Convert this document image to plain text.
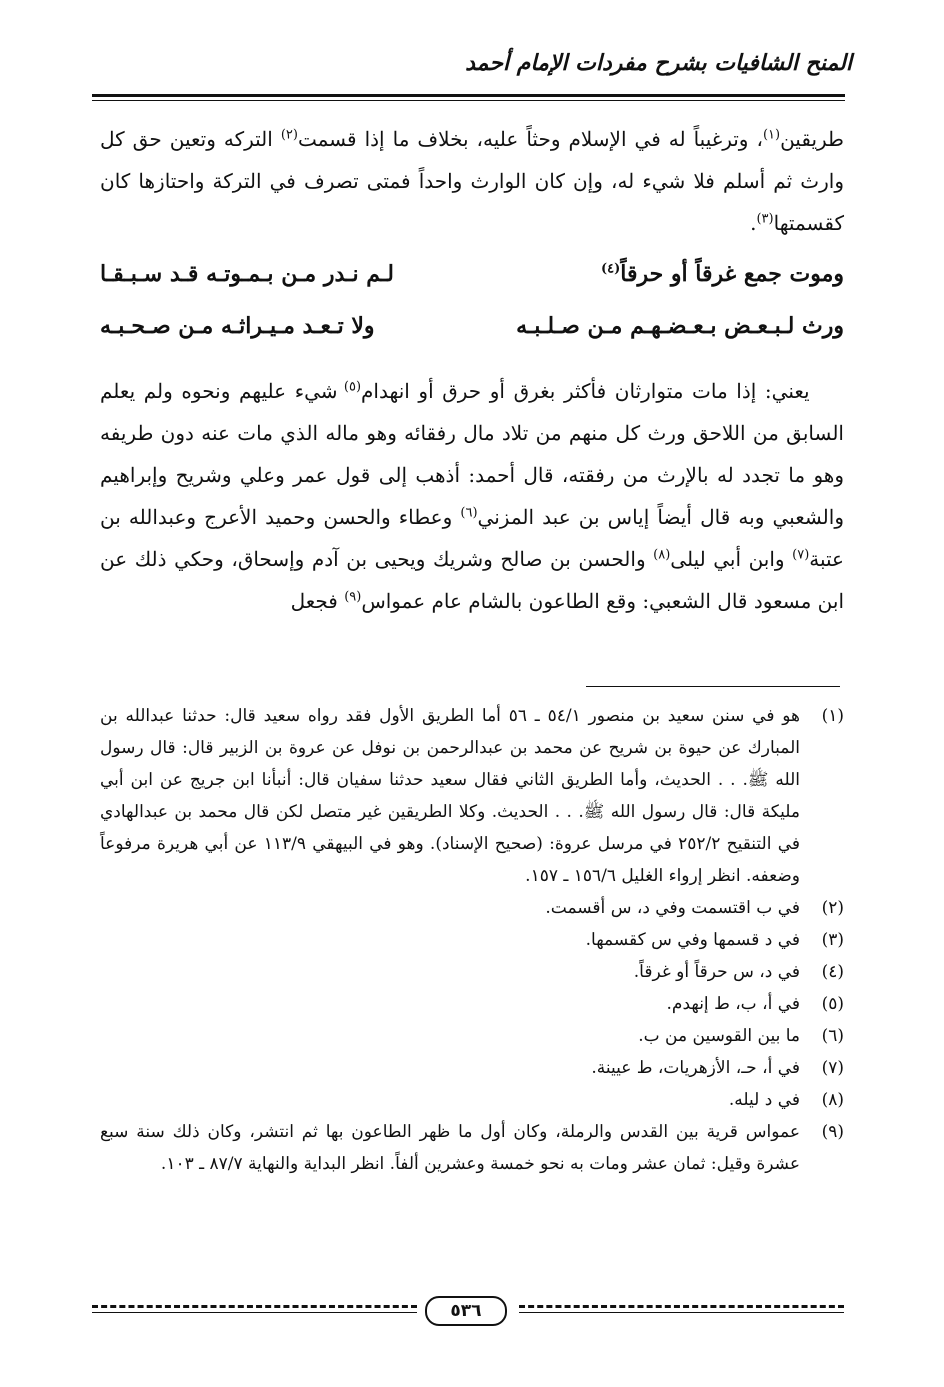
المنح الشافيات بشرح مفردات الإمام أحمد

طريقين$^{(١)}$، وترغيباً له في الإسلام وحثاً عليه، بخلاف ما إذا قسمت$^{(٢)}$ التركه وتعين حق كل وارث ثم أسلم فلا شيء له، وإن كان الوارث واحداً فمتى تصرف في التركة واحتازها كان كقسمتها$^{(٣)}$.

وموت جمع غرقاً أو حرقاً$^{(٤)}$
لـم نـدر مـن بـمـوتـه قـد سـبـقـا
ورث لـبـعـض بـعـضـهـم مـن صـلـبـه
ولا تـعـد مـيـراثـه مـن صـحـبـه

يعني: إذا مات متوارثان فأكثر بغرق أو حرق أو انهدام$^{(٥)}$ شيء عليهم ونحوه ولم يعلم السابق من اللاحق ورث كل منهم من تلاد مال رفقائه وهو ماله الذي مات عنه دون طريفه وهو ما تجدد له بالإرث من رفقته، قال أحمد: أذهب إلى قول عمر وعلي وشريح وإبراهيم والشعبي وبه قال أيضاً إياس بن عبد المزني$^{(٦)}$ وعطاء والحسن وحميد الأعرج وعبدالله بن عتبة$^{(٧)}$ وابن أبي ليلى$^{(٨)}$ والحسن بن صالح وشريك ويحيى بن آدم وإسحاق، وحكي ذلك عن ابن مسعود قال الشعبي: وقع الطاعون بالشام عام عمواس$^{(٩)}$ فجعل

(١)
هو في سنن سعيد بن منصور ٥٤/١ ـ ٥٦ أما الطريق الأول فقد رواه سعيد قال: حدثنا عبدالله بن المبارك عن حيوة بن شريح عن محمد بن عبدالرحمن بن نوفل عن عروة بن الزبير قال: قال رسول الله ﷺ. . . الحديث، وأما الطريق الثاني فقال سعيد حدثنا سفيان قال: أنبأنا ابن جريج عن ابن أبي مليكة قال: قال رسول الله ﷺ. . . الحديث. وكلا الطريقين غير متصل لكن قال محمد بن عبدالهادي في التنقيح ٢٥٢/٢ في مرسل عروة: (صحيح الإسناد). وهو في البيهقي ١١٣/٩ عن أبي هريرة مرفوعاً وضعفه. انظر إرواء الغليل ١٥٦/٦ ـ ١٥٧.
(٢)
في ب اقتسمت وفي د، س أقسمت.
(٣)
في د قسمها وفي س كقسمها.
(٤)
في د، س حرقاً أو غرقاً.
(٥)
في أ، ب، ط إنهدم.
(٦)
ما بين القوسين من ب.
(٧)
في أ، حـ، الأزهريات، ط عيينة.
(٨)
في د ليله.
(٩)
عمواس قرية بين القدس والرملة، وكان أول ما ظهر الطاعون بها ثم انتشر، وكان ذلك سنة سبع عشرة وقيل: ثمان عشر ومات به نحو خمسة وعشرين ألفاً. انظر البداية والنهاية ٨٧/٧ ـ ١٠٣.
٥٣٦
